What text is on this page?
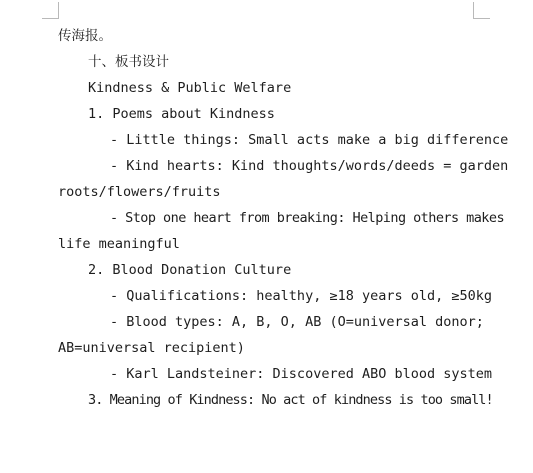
传海报。
十、板书设计
Kindness & Public Welfare
1. Poems about Kindness
- Little things: Small acts make a big difference
- Kind hearts: Kind thoughts/words/deeds = garden
roots/flowers/fruits
- Stop one heart from breaking: Helping others makes
life meaningful
2. Blood Donation Culture
- Qualifications: healthy, ≥18 years old, ≥50kg
- Blood types: A, B, O, AB (O=universal donor;
AB=universal recipient)
- Karl Landsteiner: Discovered ABO blood system
3. Meaning of Kindness: No act of kindness is too small!
